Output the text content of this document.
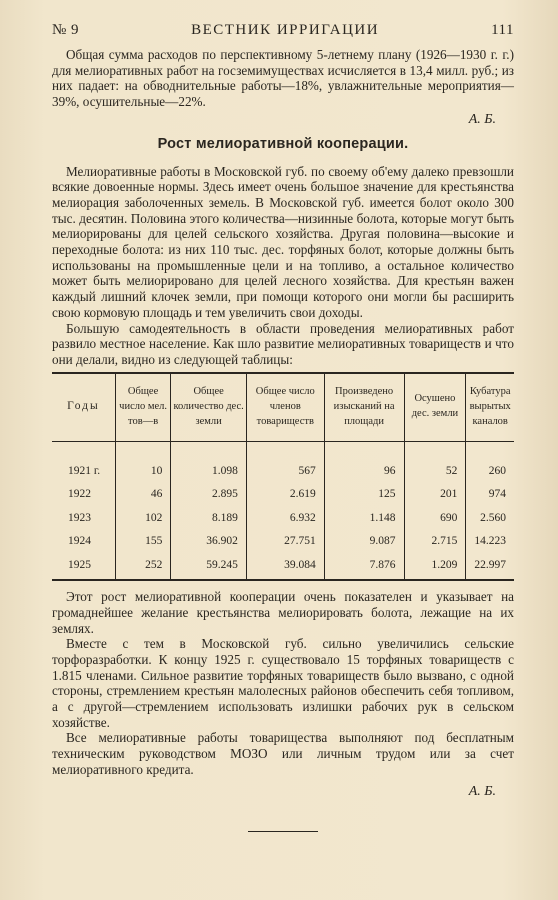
№ 9	ВЕСТНИК ИРРИГАЦИИ	111

Общая сумма расходов по перспективному 5-летнему плану (1926—1930 г. г.) для мелиоративных работ на госземимуществах исчисляется в 13,4 милл. руб.; из них падает: на обводнительные работы—18%, увлажнительные мероприятия—39%, осушительные—22%.

А. Б.

Рост мелиоративной кооперации.

Мелиоративные работы в Московской губ. по своему об'ему далеко превзошли всякие довоенные нормы. Здесь имеет очень большое значение для крестьянства мелиорация заболоченных земель. В Московской губ. имеется болот около 300 тыс. десятин. Половина этого количества—низинные болота, которые могут быть мелиорированы для целей сельского хозяйства. Другая половина—высокие и переходные болота: из них 110 тыс. дес. торфяных болот, которые должны быть использованы на промышленные цели и на топливо, а остальное количество может быть мелиорировано для целей лесного хозяйства. Для крестьян важен каждый лишний клочек земли, при помощи которого они могли бы расширить свою кормовую площадь и тем увеличить свои доходы.

Большую самодеятельность в области проведения мелиоративных работ развило местное население. Как шло развитие мелиоративных товариществ и что они делали, видно из следующей таблицы:

Годы	Общее число мел. тов—в	Общее количество дес. земли	Общее число членов товариществ	Произведено изысканий на площади	Осушено дес. земли	Кубатура вырытых каналов
1921 г.	10	1.098	567	96	52	260
1922	46	2.895	2.619	125	201	974
1923	102	8.189	6.932	1.148	690	2.560
1924	155	36.902	27.751	9.087	2.715	14.223
1925	252	59.245	39.084	7.876	1.209	22.997

Этот рост мелиоративной кооперации очень показателен и указывает на громаднейшее желание крестьянства мелиорировать болота, лежащие на их землях.

Вместе с тем в Московской губ. сильно увеличились сельские торфоразработки. К концу 1925 г. существовало 15 торфяных товариществ с 1.815 членами. Сильное развитие торфяных товариществ было вызвано, с одной стороны, стремлением крестьян малолесных районов обеспечить себя топливом, а с другой—стремлением использовать излишки рабочих рук в сельском хозяйстве.

Все мелиоративные работы товарищества выполняют под бесплатным техническим руководством МОЗО или личным трудом или за счет мелиоративного кредита.

А. Б.
